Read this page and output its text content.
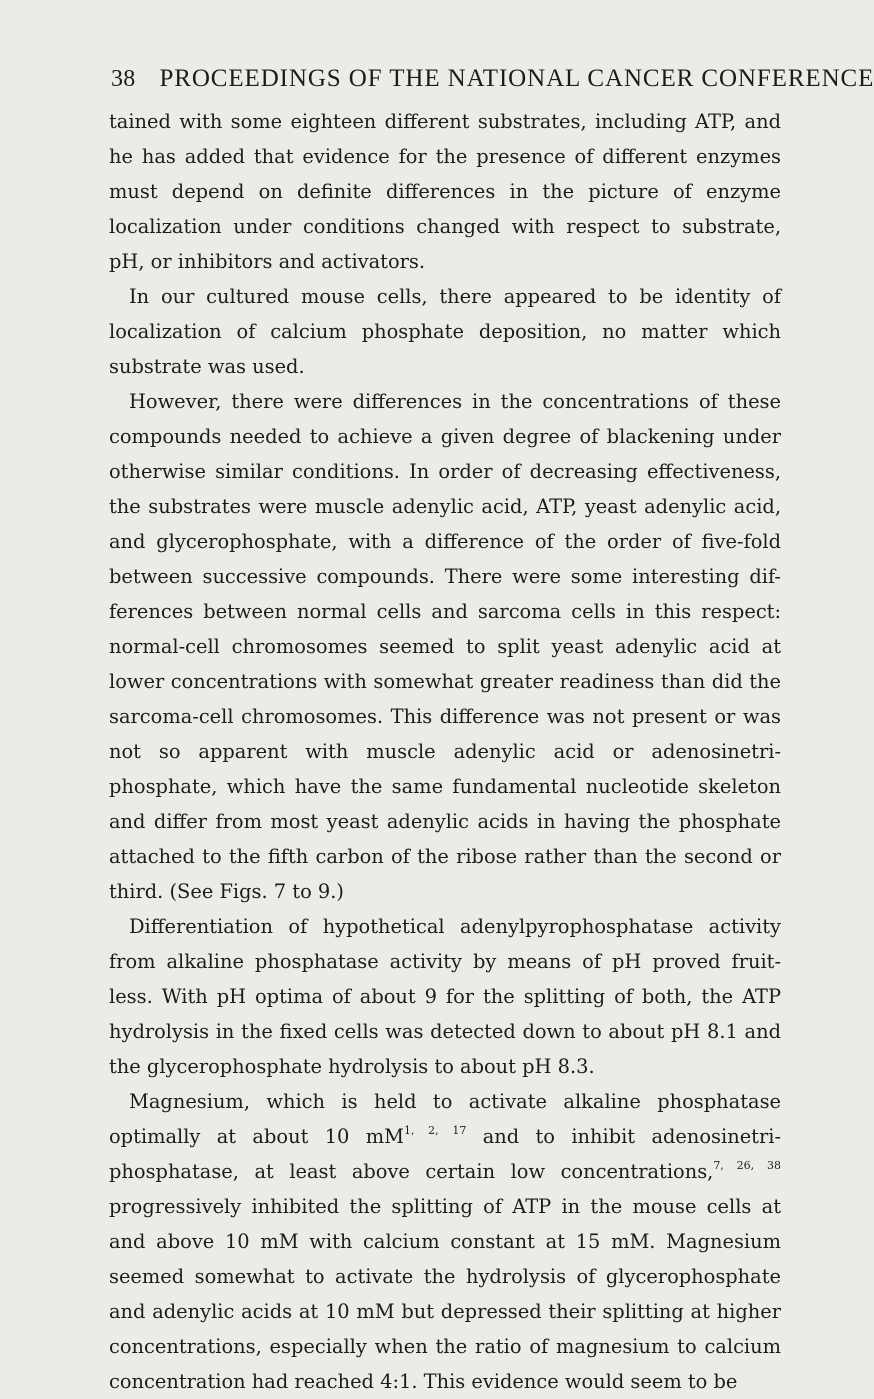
38 PROCEEDINGS OF THE NATIONAL CANCER CONFERENCE

tained with some eighteen different substrates, including ATP, and he has added that evidence for the presence of different enzymes must depend on definite differences in the picture of enzyme localization under conditions changed with respect to substrate, pH, or inhibitors and activators.

In our cultured mouse cells, there appeared to be identity of localization of calcium phosphate deposition, no matter which substrate was used.

However, there were differences in the concentrations of these compounds needed to achieve a given degree of blackening under otherwise similar conditions. In order of decreasing effectiveness, the substrates were muscle adenylic acid, ATP, yeast adenylic acid, and glycerophosphate, with a difference of the order of five-fold between successive compounds. There were some interesting dif-ferences between normal cells and sarcoma cells in this respect: normal-cell chromosomes seemed to split yeast adenylic acid at lower concentrations with somewhat greater readiness than did the sarcoma-cell chromosomes. This difference was not present or was not so apparent with muscle adenylic acid or adenosinetri-phosphate, which have the same fundamental nucleotide skeleton and differ from most yeast adenylic acids in having the phosphate attached to the fifth carbon of the ribose rather than the second or third. (See Figs. 7 to 9.)

Differentiation of hypothetical adenylpyrophosphatase activity from alkaline phosphatase activity by means of pH proved fruit-less. With pH optima of about 9 for the splitting of both, the ATP hydrolysis in the fixed cells was detected down to about pH 8.1 and the glycerophosphate hydrolysis to about pH 8.3.

Magnesium, which is held to activate alkaline phosphatase optimally at about 10 mM$^{1, 2, 17}$ and to inhibit adenosinetri-phosphatase, at least above certain low concentrations,$^{7, 26, 38}$ progressively inhibited the splitting of ATP in the mouse cells at and above 10 mM with calcium constant at 15 mM. Magnesium seemed somewhat to activate the hydrolysis of glycerophosphate and adenylic acids at 10 mM but depressed their splitting at higher concentrations, especially when the ratio of magnesium to calcium concentration had reached 4:1. This evidence would seem to be
